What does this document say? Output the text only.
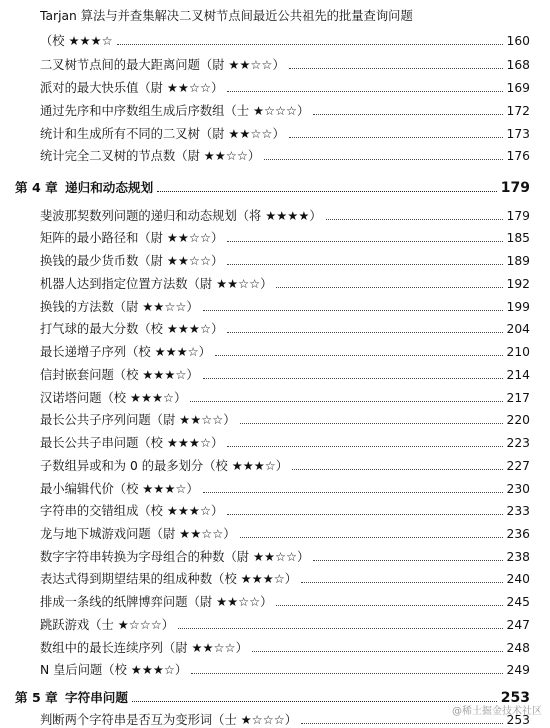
Tarjan 算法与并查集解决二叉树节点间最近公共祖先的批量查询问题
（校 ★★★☆	160
二叉树节点间的最大距离问题（尉 ★★☆☆）	168
派对的最大快乐值（尉 ★★☆☆）	169
通过先序和中序数组生成后序数组（士 ★☆☆☆）	172
统计和生成所有不同的二叉树（尉 ★★☆☆）	173
统计完全二叉树的节点数（尉 ★★☆☆）	176
第 4 章 递归和动态规划	179
斐波那契数列问题的递归和动态规划（将 ★★★★）	179
矩阵的最小路径和（尉 ★★☆☆）	185
换钱的最少货币数（尉 ★★☆☆）	189
机器人达到指定位置方法数（尉 ★★☆☆）	192
换钱的方法数（尉 ★★☆☆）	199
打气球的最大分数（校 ★★★☆）	204
最长递增子序列（校 ★★★☆）	210
信封嵌套问题（校 ★★★☆）	214
汉诺塔问题（校 ★★★☆）	217
最长公共子序列问题（尉 ★★☆☆）	220
最长公共子串问题（校 ★★★☆）	223
子数组异或和为 0 的最多划分（校 ★★★☆）	227
最小编辑代价（校 ★★★☆）	230
字符串的交错组成（校 ★★★☆）	233
龙与地下城游戏问题（尉 ★★☆☆）	236
数字字符串转换为字母组合的种数（尉 ★★☆☆）	238
表达式得到期望结果的组成种数（校 ★★★☆）	240
排成一条线的纸牌博弈问题（尉 ★★☆☆）	245
跳跃游戏（士 ★☆☆☆）	247
数组中的最长连续序列（尉 ★★☆☆）	248
N 皇后问题（校 ★★★☆）	249
第 5 章 字符串问题	253
判断两个字符串是否互为变形词（士 ★☆☆☆）	253
@稀土掘金技术社区
